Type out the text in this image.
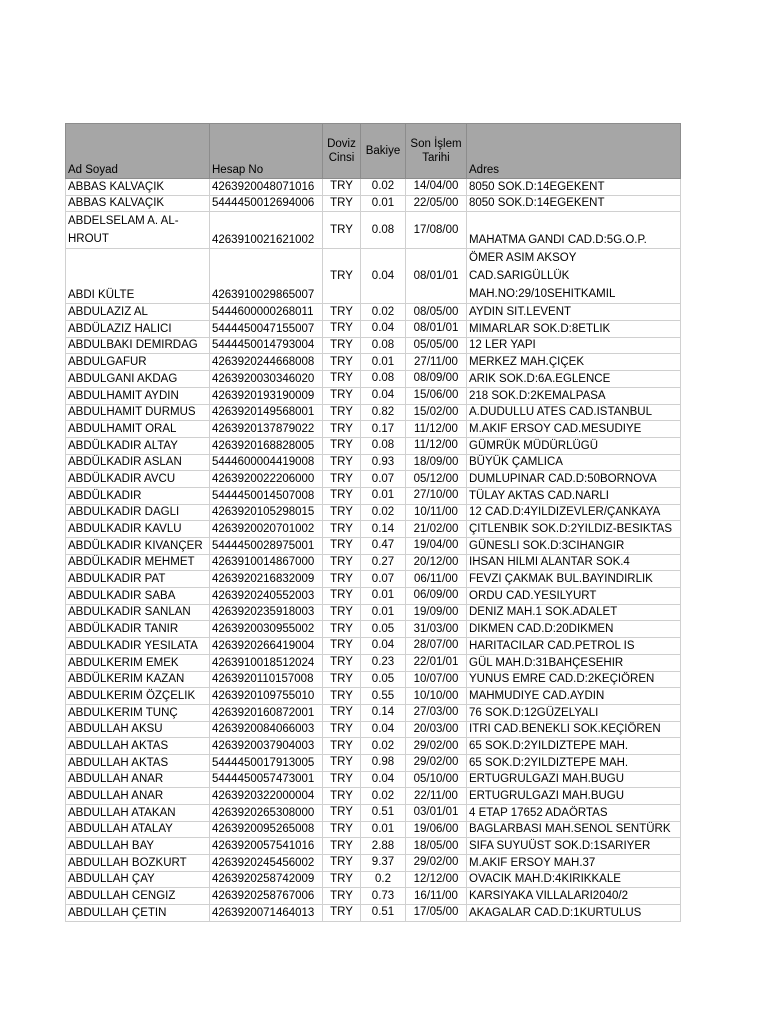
Ad Soyad	Hesap No	Doviz Cinsi	Bakiye	Son İşlem Tarihi	Adres
ABBAS KALVAÇIK	4263920048071016	TRY	0.02	14/04/00	8050 SOK.D:14EGEKENT
ABBAS KALVAÇIK	5444450012694006	TRY	0.01	22/05/00	8050 SOK.D:14EGEKENT
ABDELSELAM A. AL-HROUT	4263910021621002	TRY	0.08	17/08/00	MAHATMA GANDI CAD.D:5G.O.P.
ABDI KÜLTE	4263910029865007	TRY	0.04	08/01/01	ÖMER ASIM AKSOY CAD.SARIGÜLLÜK MAH.NO:29/10SEHITKAMIL
ABDULAZIZ AL	5444600000268011	TRY	0.02	08/05/00	AYDIN SIT.LEVENT
ABDÜLAZIZ HALICI	5444450047155007	TRY	0.04	08/01/01	MIMARLAR SOK.D:8ETLIK
ABDULBAKI DEMIRDAG	5444450014793004	TRY	0.08	05/05/00	12 LER YAPI
ABDULGAFUR	4263920244668008	TRY	0.01	27/11/00	MERKEZ MAH.ÇIÇEK
ABDULGANI AKDAG	4263920030346020	TRY	0.08	08/09/00	ARIK SOK.D:6A.EGLENCE
ABDULHAMIT AYDIN	4263920193190009	TRY	0.04	15/06/00	218 SOK.D:2KEMALPASA
ABDULHAMIT DURMUS	4263920149568001	TRY	0.82	15/02/00	A.DUDULLU ATES CAD.ISTANBUL
ABDULHAMIT ORAL	4263920137879022	TRY	0.17	11/12/00	M.AKIF ERSOY CAD.MESUDIYE
ABDÜLKADIR ALTAY	4263920168828005	TRY	0.08	11/12/00	GÜMRÜK MÜDÜRLÜGÜ
ABDÜLKADIR ASLAN	5444600004419008	TRY	0.93	18/09/00	BÜYÜK ÇAMLICA
ABDÜLKADIR AVCU	4263920022206000	TRY	0.07	05/12/00	DUMLUPINAR CAD.D:50BORNOVA
ABDÜLKADIR	5444450014507008	TRY	0.01	27/10/00	TÜLAY AKTAS CAD.NARLI
ABDULKADIR DAGLI	4263920105298015	TRY	0.02	10/11/00	12 CAD.D:4YILDIZEVLER/ÇANKAYA
ABDULKADIR KAVLU	4263920020701002	TRY	0.14	21/02/00	ÇITLENBIK SOK.D:2YILDIZ-BESIKTAS
ABDÜLKADIR KIVANÇER	5444450028975001	TRY	0.47	19/04/00	GÜNESLI SOK.D:3CIHANGIR
ABDÜLKADIR MEHMET	4263910014867000	TRY	0.27	20/12/00	IHSAN HILMI ALANTAR SOK.4
ABDULKADIR PAT	4263920216832009	TRY	0.07	06/11/00	FEVZI ÇAKMAK BUL.BAYINDIRLIK
ABDULKADIR SABA	4263920240552003	TRY	0.01	06/09/00	ORDU CAD.YESILYURT
ABDULKADIR SANLAN	4263920235918003	TRY	0.01	19/09/00	DENIZ MAH.1 SOK.ADALET
ABDÜLKADIR TANIR	4263920030955002	TRY	0.05	31/03/00	DIKMEN CAD.D:20DIKMEN
ABDULKADIR YESILATA	4263920266419004	TRY	0.04	28/07/00	HARITACILAR CAD.PETROL IS
ABDULKERIM EMEK	4263910018512024	TRY	0.23	22/01/01	GÜL MAH.D:31BAHÇESEHIR
ABDÜLKERIM KAZAN	4263920110157008	TRY	0.05	10/07/00	YUNUS EMRE CAD.D:2KEÇIÖREN
ABDULKERIM ÖZÇELIK	4263920109755010	TRY	0.55	10/10/00	MAHMUDIYE CAD.AYDIN
ABDULKERIM TUNÇ	4263920160872001	TRY	0.14	27/03/00	76 SOK.D:12GÜZELYALI
ABDULLAH AKSU	4263920084066003	TRY	0.04	20/03/00	ITRI CAD.BENEKLI SOK.KEÇIÖREN
ABDULLAH AKTAS	4263920037904003	TRY	0.02	29/02/00	65 SOK.D:2YILDIZTEPE MAH.
ABDULLAH AKTAS	5444450017913005	TRY	0.98	29/02/00	65 SOK.D:2YILDIZTEPE MAH.
ABDULLAH ANAR	5444450057473001	TRY	0.04	05/10/00	ERTUGRULGAZI MAH.BUGU
ABDULLAH ANAR	4263920322000004	TRY	0.02	22/11/00	ERTUGRULGAZI MAH.BUGU
ABDULLAH ATAKAN	4263920265308000	TRY	0.51	03/01/01	4 ETAP 17652 ADAÖRTAS
ABDULLAH ATALAY	4263920095265008	TRY	0.01	19/06/00	BAGLARBASI MAH.SENOL SENTÜRK
ABDULLAH BAY	4263920057541016	TRY	2.88	18/05/00	SIFA SUYUÜST SOK.D:1SARIYER
ABDULLAH BOZKURT	4263920245456002	TRY	9.37	29/02/00	M.AKIF ERSOY MAH.37
ABDULLAH ÇAY	4263920258742009	TRY	0.2	12/12/00	OVACIK MAH.D:4KIRIKKALE
ABDULLAH CENGIZ	4263920258767006	TRY	0.73	16/11/00	KARSIYAKA VILLALARI2040/2
ABDULLAH ÇETIN	4263920071464013	TRY	0.51	17/05/00	AKAGALAR CAD.D:1KURTULUS
